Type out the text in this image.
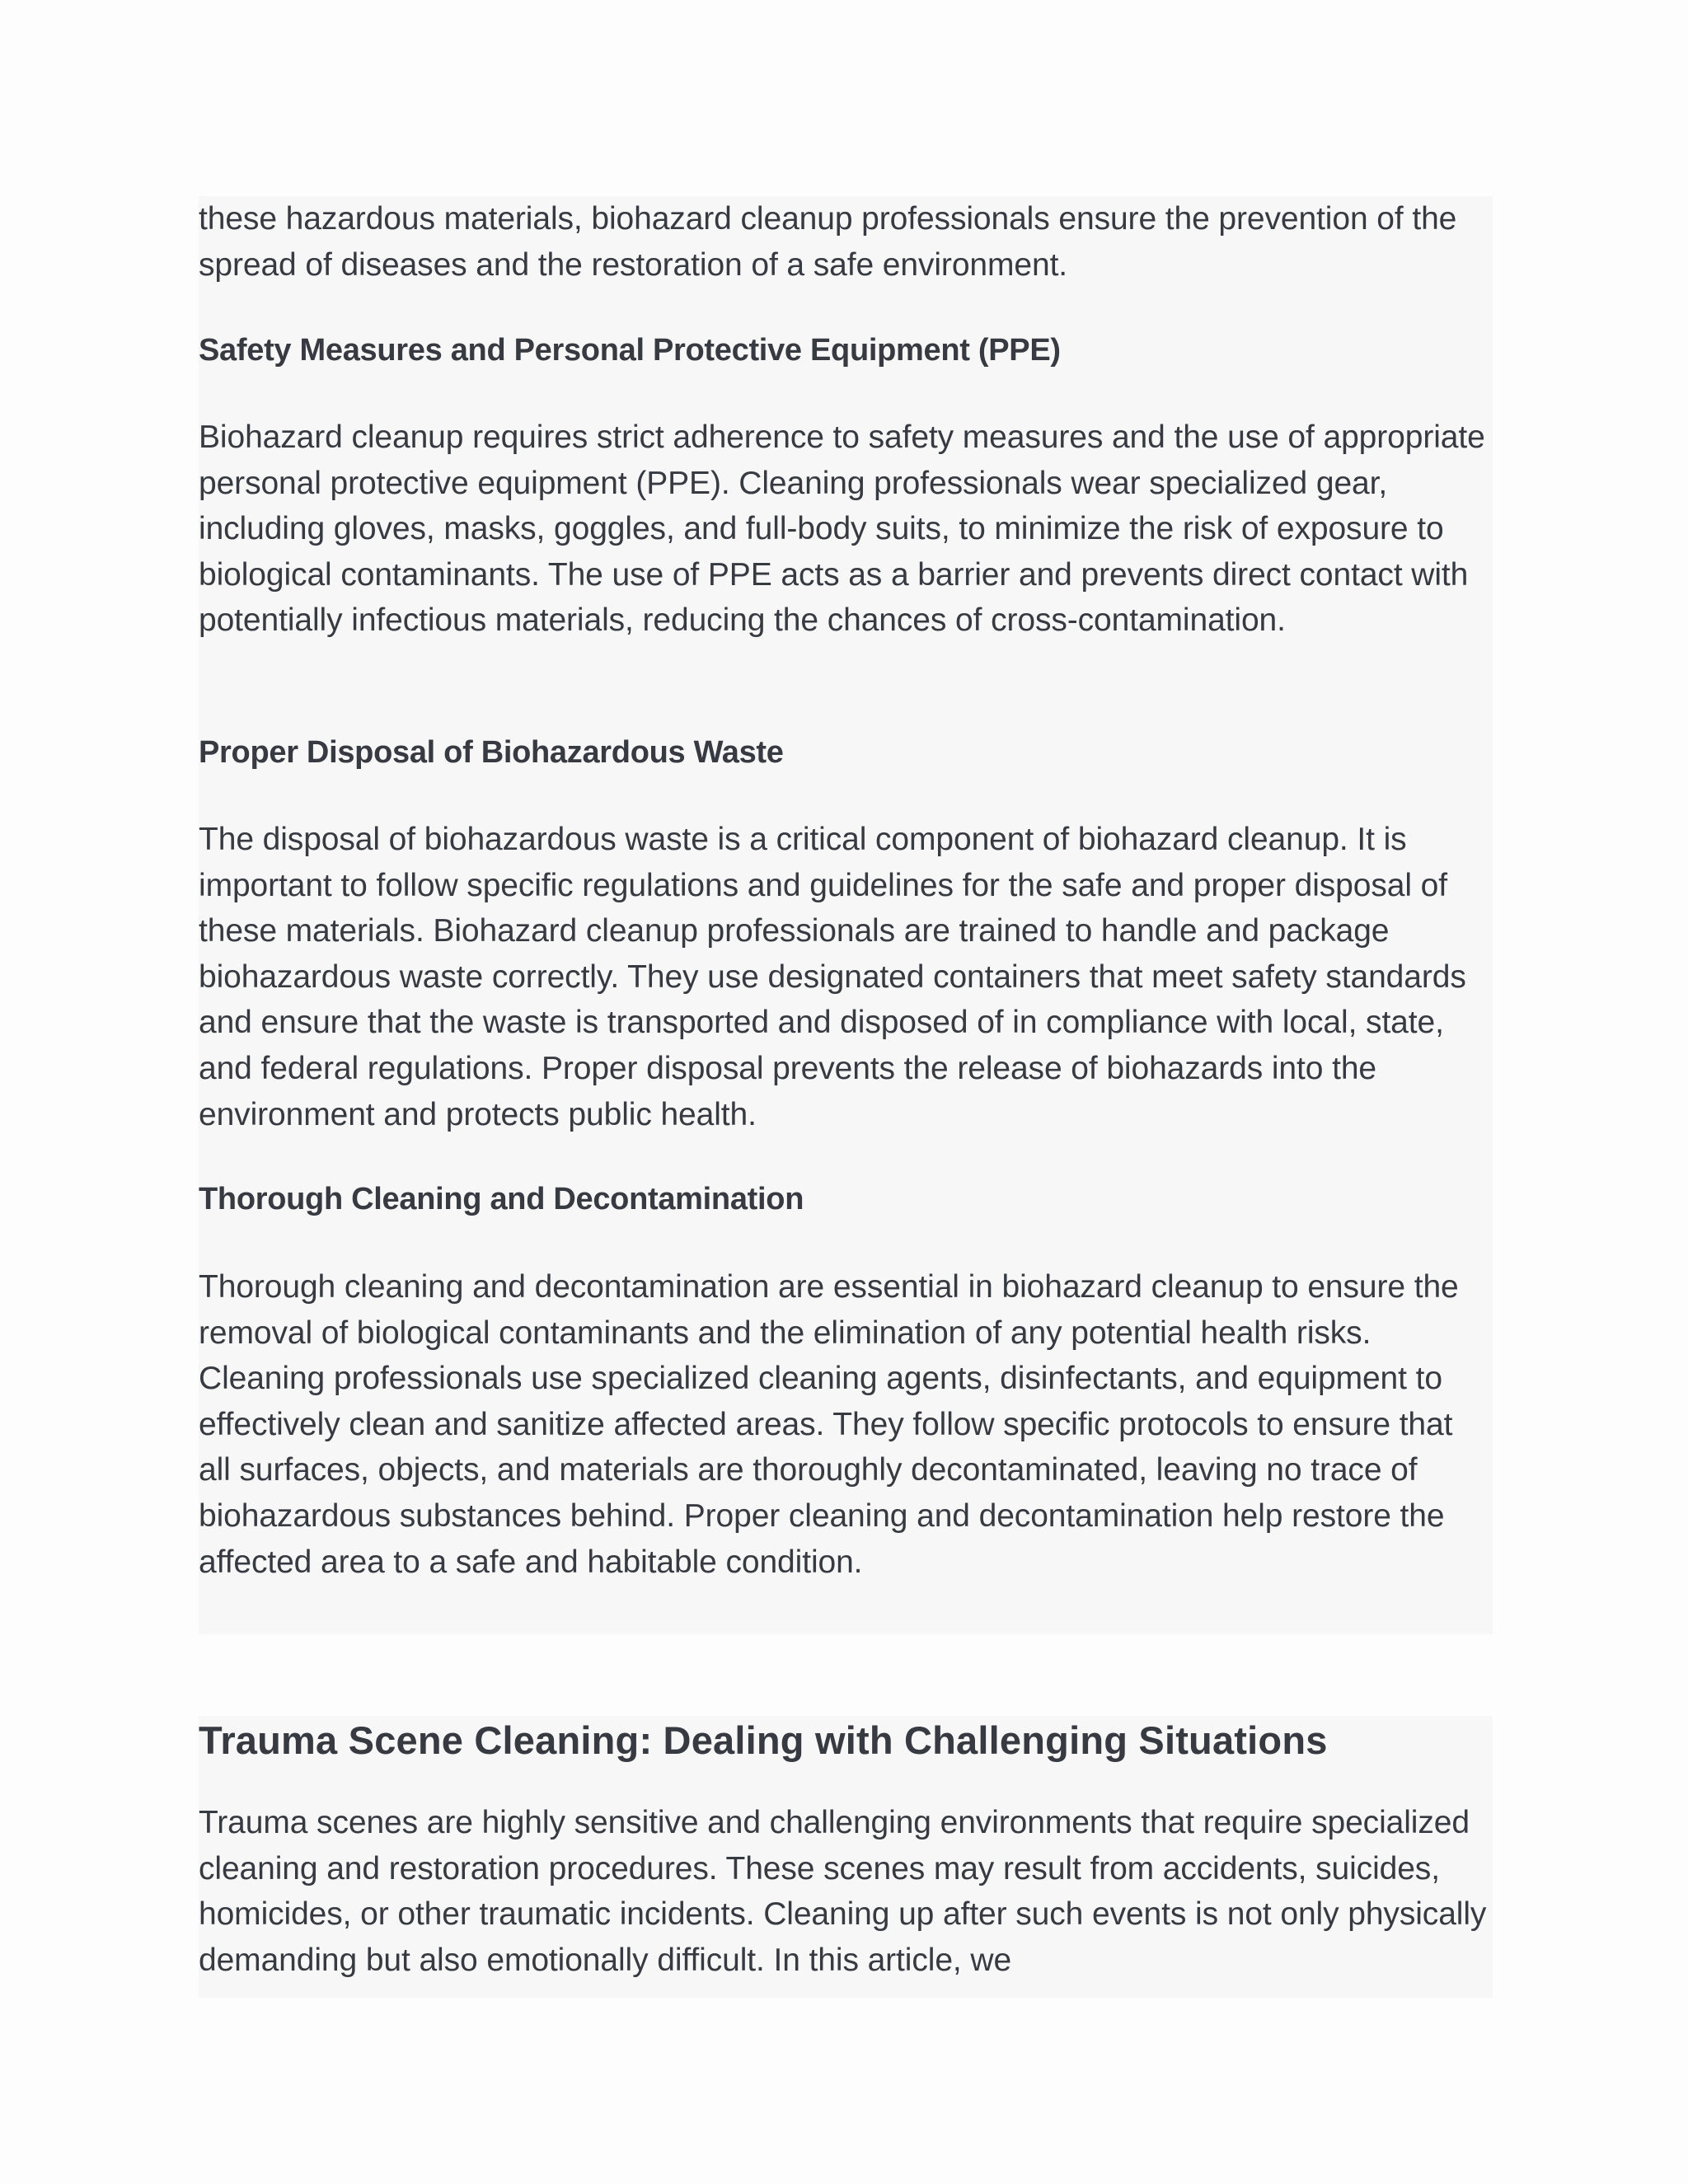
these hazardous materials, biohazard cleanup professionals ensure the prevention of the spread of diseases and the restoration of a safe environment.

Safety Measures and Personal Protective Equipment (PPE)

Biohazard cleanup requires strict adherence to safety measures and the use of appropriate personal protective equipment (PPE). Cleaning professionals wear specialized gear, including gloves, masks, goggles, and full-body suits, to minimize the risk of exposure to biological contaminants. The use of PPE acts as a barrier and prevents direct contact with potentially infectious materials, reducing the chances of cross-contamination.

Proper Disposal of Biohazardous Waste

The disposal of biohazardous waste is a critical component of biohazard cleanup. It is important to follow specific regulations and guidelines for the safe and proper disposal of these materials. Biohazard cleanup professionals are trained to handle and package biohazardous waste correctly. They use designated containers that meet safety standards and ensure that the waste is transported and disposed of in compliance with local, state, and federal regulations. Proper disposal prevents the release of biohazards into the environment and protects public health.

Thorough Cleaning and Decontamination

Thorough cleaning and decontamination are essential in biohazard cleanup to ensure the removal of biological contaminants and the elimination of any potential health risks. Cleaning professionals use specialized cleaning agents, disinfectants, and equipment to effectively clean and sanitize affected areas. They follow specific protocols to ensure that all surfaces, objects, and materials are thoroughly decontaminated, leaving no trace of biohazardous substances behind. Proper cleaning and decontamination help restore the affected area to a safe and habitable condition.

Trauma Scene Cleaning: Dealing with Challenging Situations

Trauma scenes are highly sensitive and challenging environments that require specialized cleaning and restoration procedures. These scenes may result from accidents, suicides, homicides, or other traumatic incidents. Cleaning up after such events is not only physically demanding but also emotionally difficult. In this article, we
